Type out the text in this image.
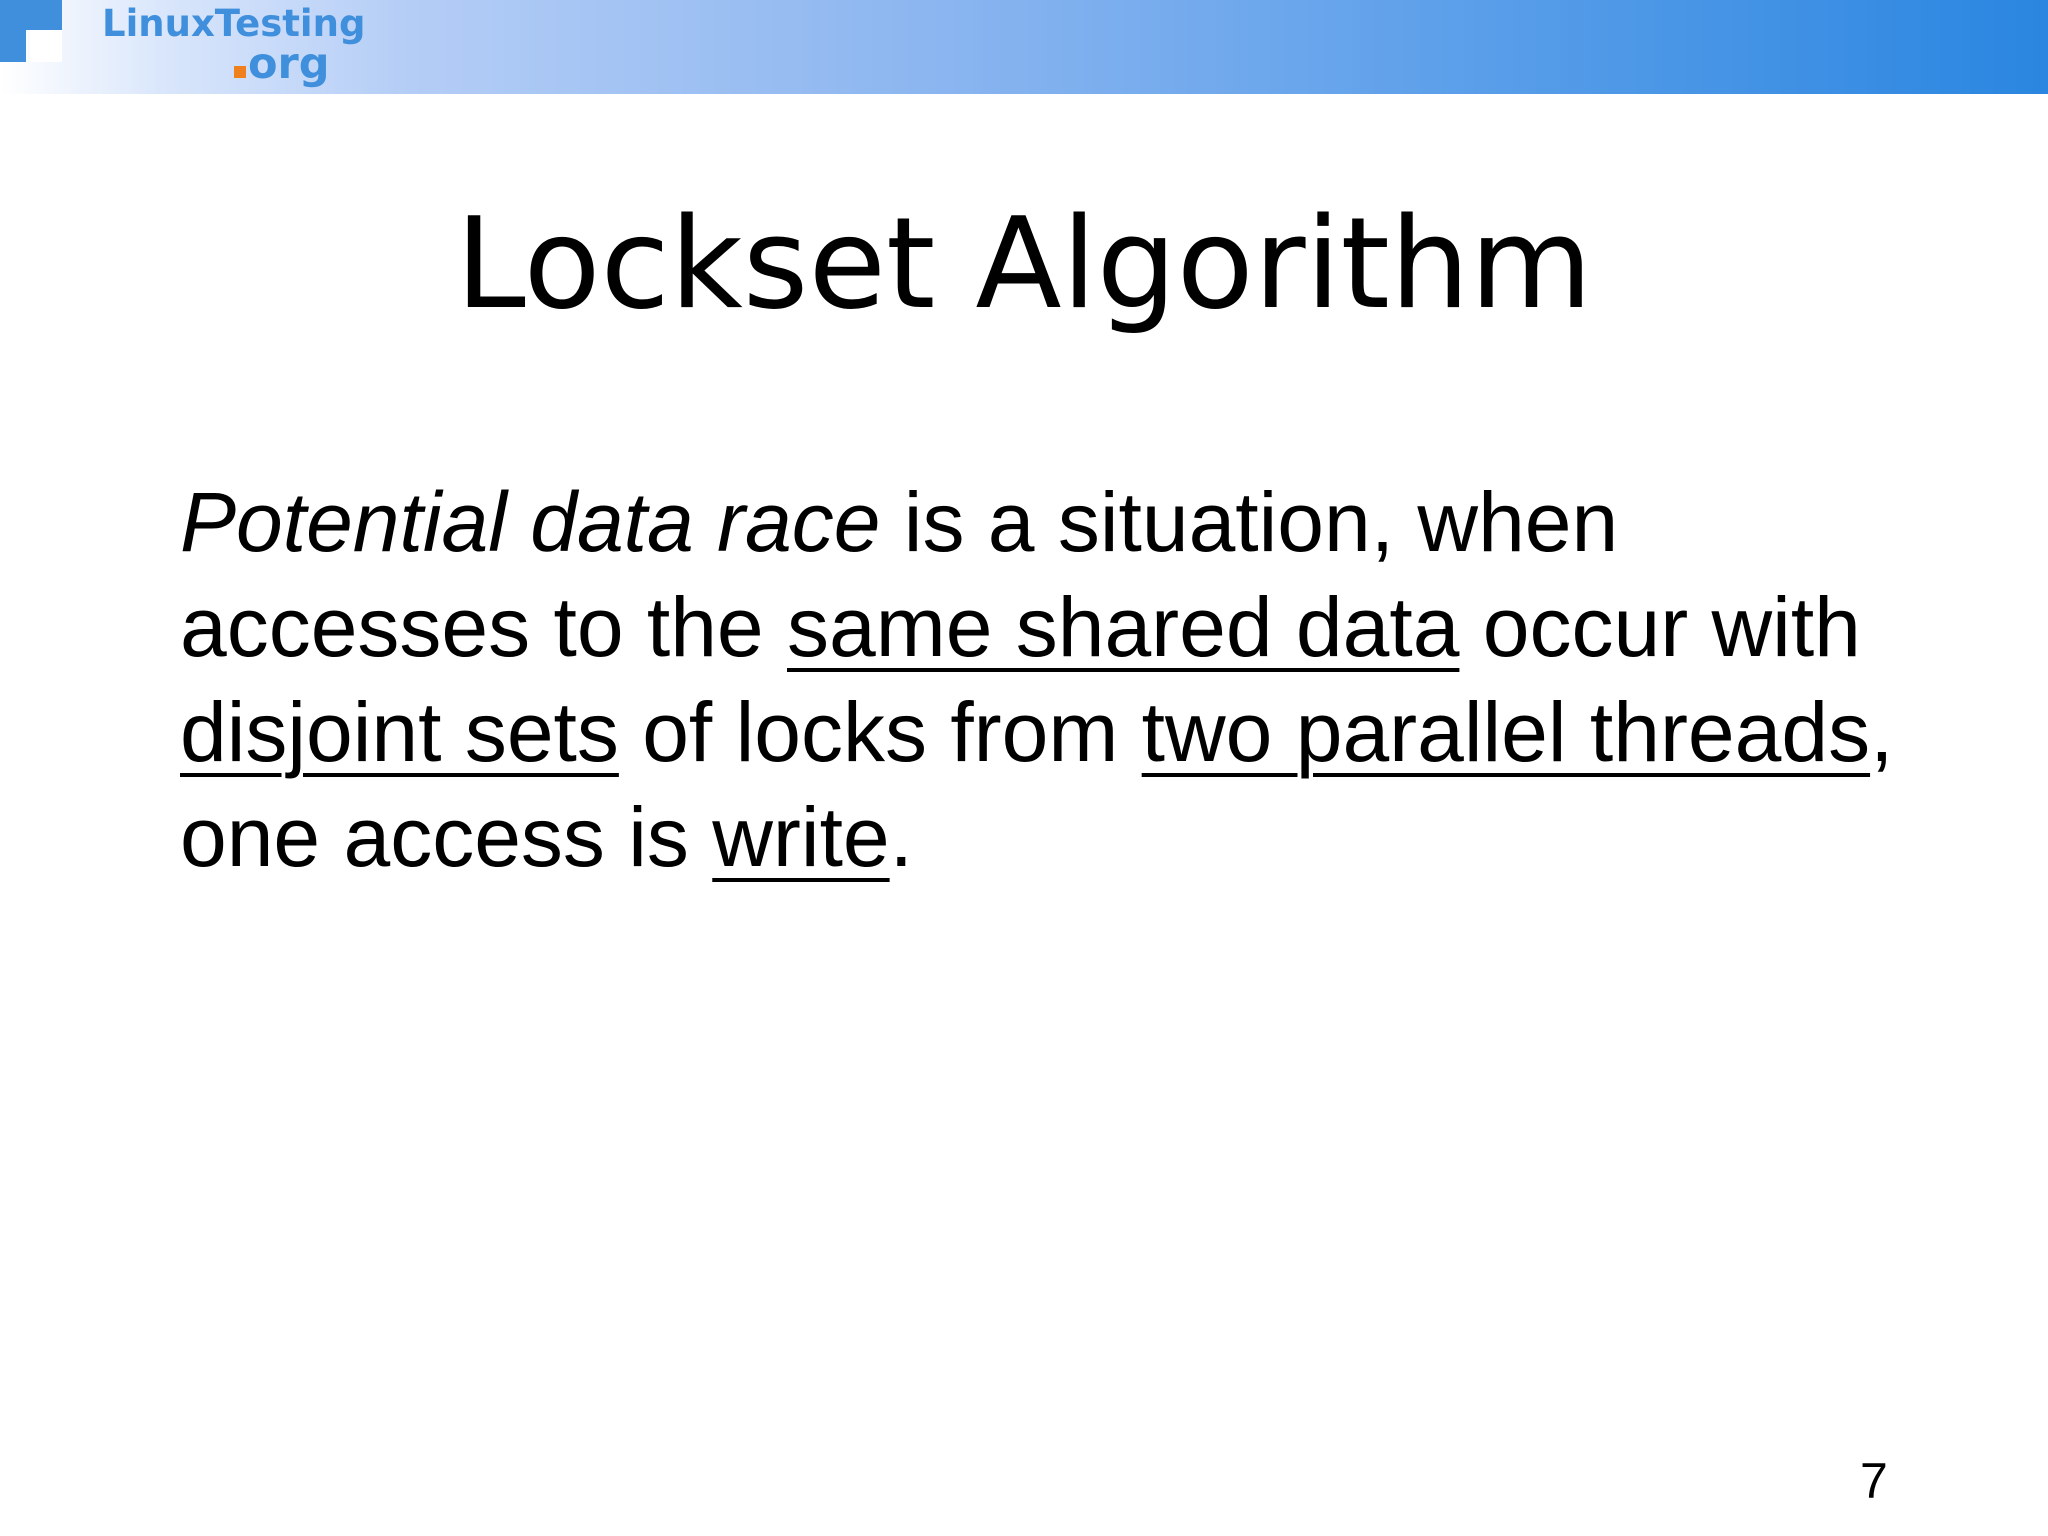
LinuxTesting
org
Lockset Algorithm
Potential data race is a situation, when accesses to the same shared data occur with disjoint sets of locks from two parallel threads, one access is write.
7
